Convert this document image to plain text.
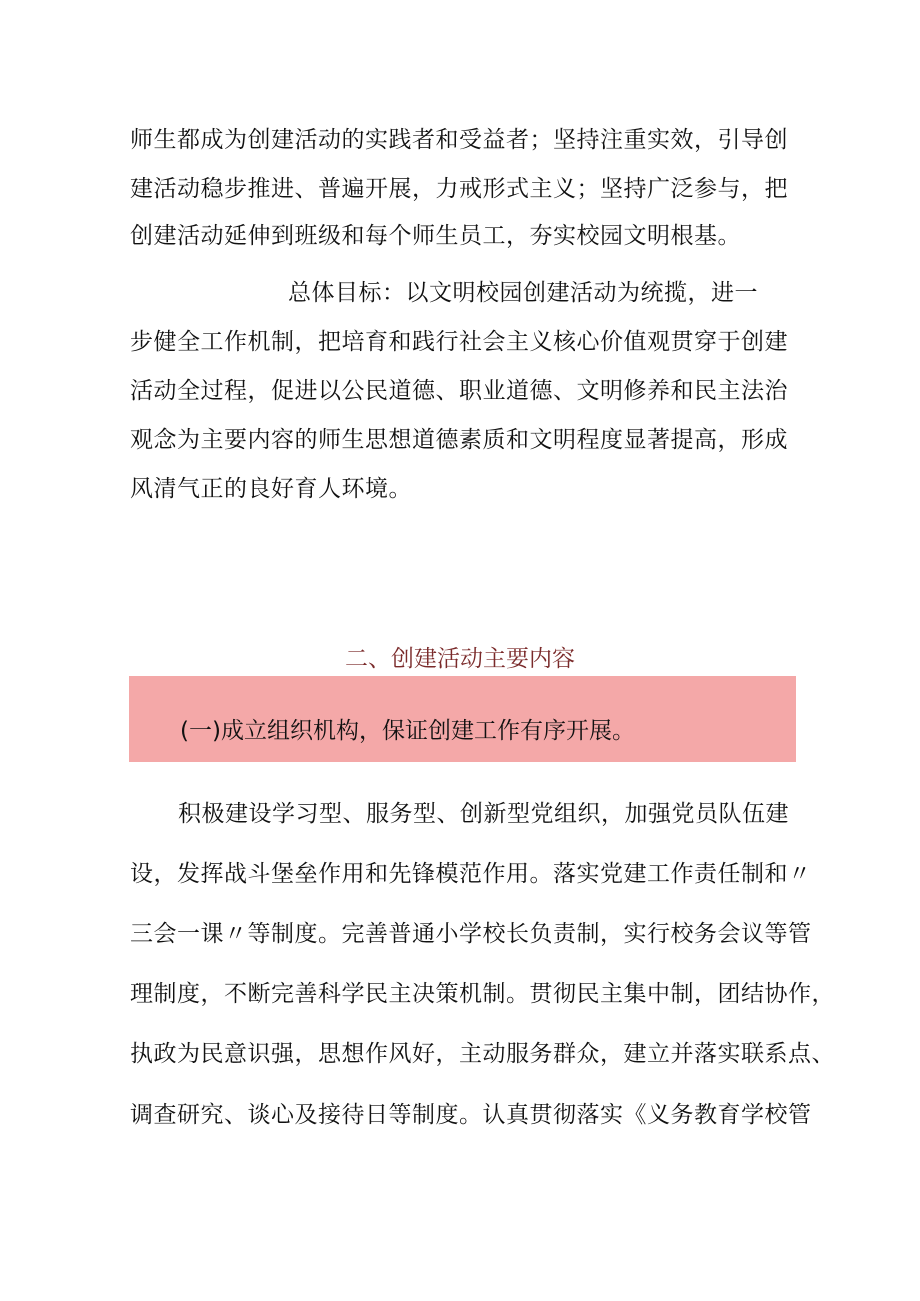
师生都成为创建活动的实践者和受益者；坚持注重实效，引导创

建活动稳步推进、普遍开展，力戒形式主义；坚持广泛参与，把

创建活动延伸到班级和每个师生员工，夯实校园文明根基。

总体目标：以文明校园创建活动为统揽，进一

步健全工作机制，把培育和践行社会主义核心价值观贯穿于创建

活动全过程，促进以公民道德、职业道德、文明修养和民主法治

观念为主要内容的师生思想道德素质和文明程度显著提高，形成

风清气正的良好育人环境。

二、创建活动主要内容
(一)成立组织机构，保证创建工作有序开展。

积极建设学习型、服务型、创新型党组织，加强党员队伍建

设，发挥战斗堡垒作用和先锋模范作用。落实党建工作责任制和〃

三会一课〃等制度。完善普通小学校长负责制，实行校务会议等管

理制度，不断完善科学民主决策机制。贯彻民主集中制，团结协作，

执政为民意识强，思想作风好，主动服务群众，建立并落实联系点、

调查研究、谈心及接待日等制度。认真贯彻落实《义务教育学校管
